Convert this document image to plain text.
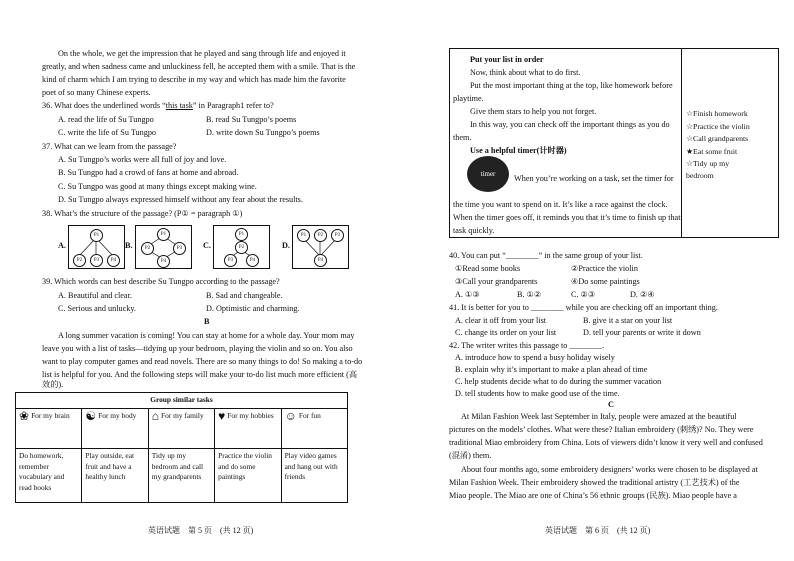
On the whole, we get the impression that he played and sang through life and enjoyed it
greatly, and when sadness came and unluckiness fell, he accepted them with a smile. That is the
kind of charm which I am trying to describe in my way and which has made him the favorite
poet of so many Chinese experts.
36. What does the underlined words “this task” in Paragraph1 refer to?
A. read the life of Su Tungpo	B. read Su Tungpo’s poems
C. write the life of Su Tungpo	D. write down Su Tungpo’s poems
37. What can we learn from the passage?
A. Su Tungpo’s works were all full of joy and love.
B. Su Tungpo had a crowd of fans at home and abroad.
C. Su Tungpo was good at many things except making wine.
D. Su Tungpo always expressed himself without any fear about the results.
38. What’s the structure of the passage? (P① = paragraph ①)
A.
P1
P2	P3	P4
B.
P1
P2	P3
P4
C.
P1
P2
P3	P4
D.
P1	P2	P3
P4
39. Which words can best describe Su Tungpo according to the passage?
A. Beautiful and clear.	B. Sad and changeable.
C. Serious and unlucky.	D. Optimistic and charming.
B
A long summer vacation is coming! You can stay at home for a whole day. Your mom may
leave you with a list of tasks—tidying up your bedroom, playing the violin and so on. You also
want to play computer games and read novels. There are so many things to do! So making a to-do
list is helpful for you. And the following steps will make your to-do list much more efficient (高
效的).
Group similar tasks				
❀ For my brain	☯ For my body	⌂ For my family	♥ For my hobbies	☺ For fun
Do homework, remember vocabulary and read books	Play outside, eat fruit and have a healthy lunch	Tidy up my bedroom and call my grandparents	Practice the violin and do some paintings	Play video games and hang out with friends
英语试题　第 5 页　(共 12 页)
Put your list in order
Now, think about what to do first.
Put the most important thing at the top, like homework before
playtime.
Give them stars to help you not forget.
In this way, you can check off the important things as you do
them.
Use a helpful timer(计时器)
timer	When you’re working on a task, set the timer for
the time you want to spend on it. It’s like a race against the clock.
When the timer goes off, it reminds you that it’s time to finish up that
task quickly.
☆Finish homework
☆Practice the violin
☆Call grandparents
★Eat some fruit
☆Tidy up my
bedroom
40. You can put “________” in the same group of your list.
①Read some books	②Practice the violin
③Call your grandparents	④Do some paintings
A. ①③	B. ①②	C. ②③	D. ②④
41. It is better for you to ________ while you are checking off an important thing.
A. clear it off from your list	B. give it a star on your list
C. change its order on your list	D. tell your parents or write it down
42. The writer writes this passage to ________.
A. introduce how to spend a busy holiday wisely
B. explain why it’s important to make a plan ahead of time
C. help students decide what to do during the summer vacation
D. tell students how to make good use of the time.
C
At Milan Fashion Week last September in Italy, people were amazed at the beautiful
pictures on the models’ clothes. What were these? Italian embroidery (刺绣)? No. They were
traditional Miao embroidery from China. Lots of viewers didn’t know it very well and confused
(混淆) them.
About four months ago, some embroidery designers’ works were chosen to be displayed at
Milan Fashion Week. Their embroidery showed the traditional artistry (工艺技术) of the
Miao people. The Miao are one of China’s 56 ethnic groups (民族). Miao people have a
英语试题　第 6 页　(共 12 页)
